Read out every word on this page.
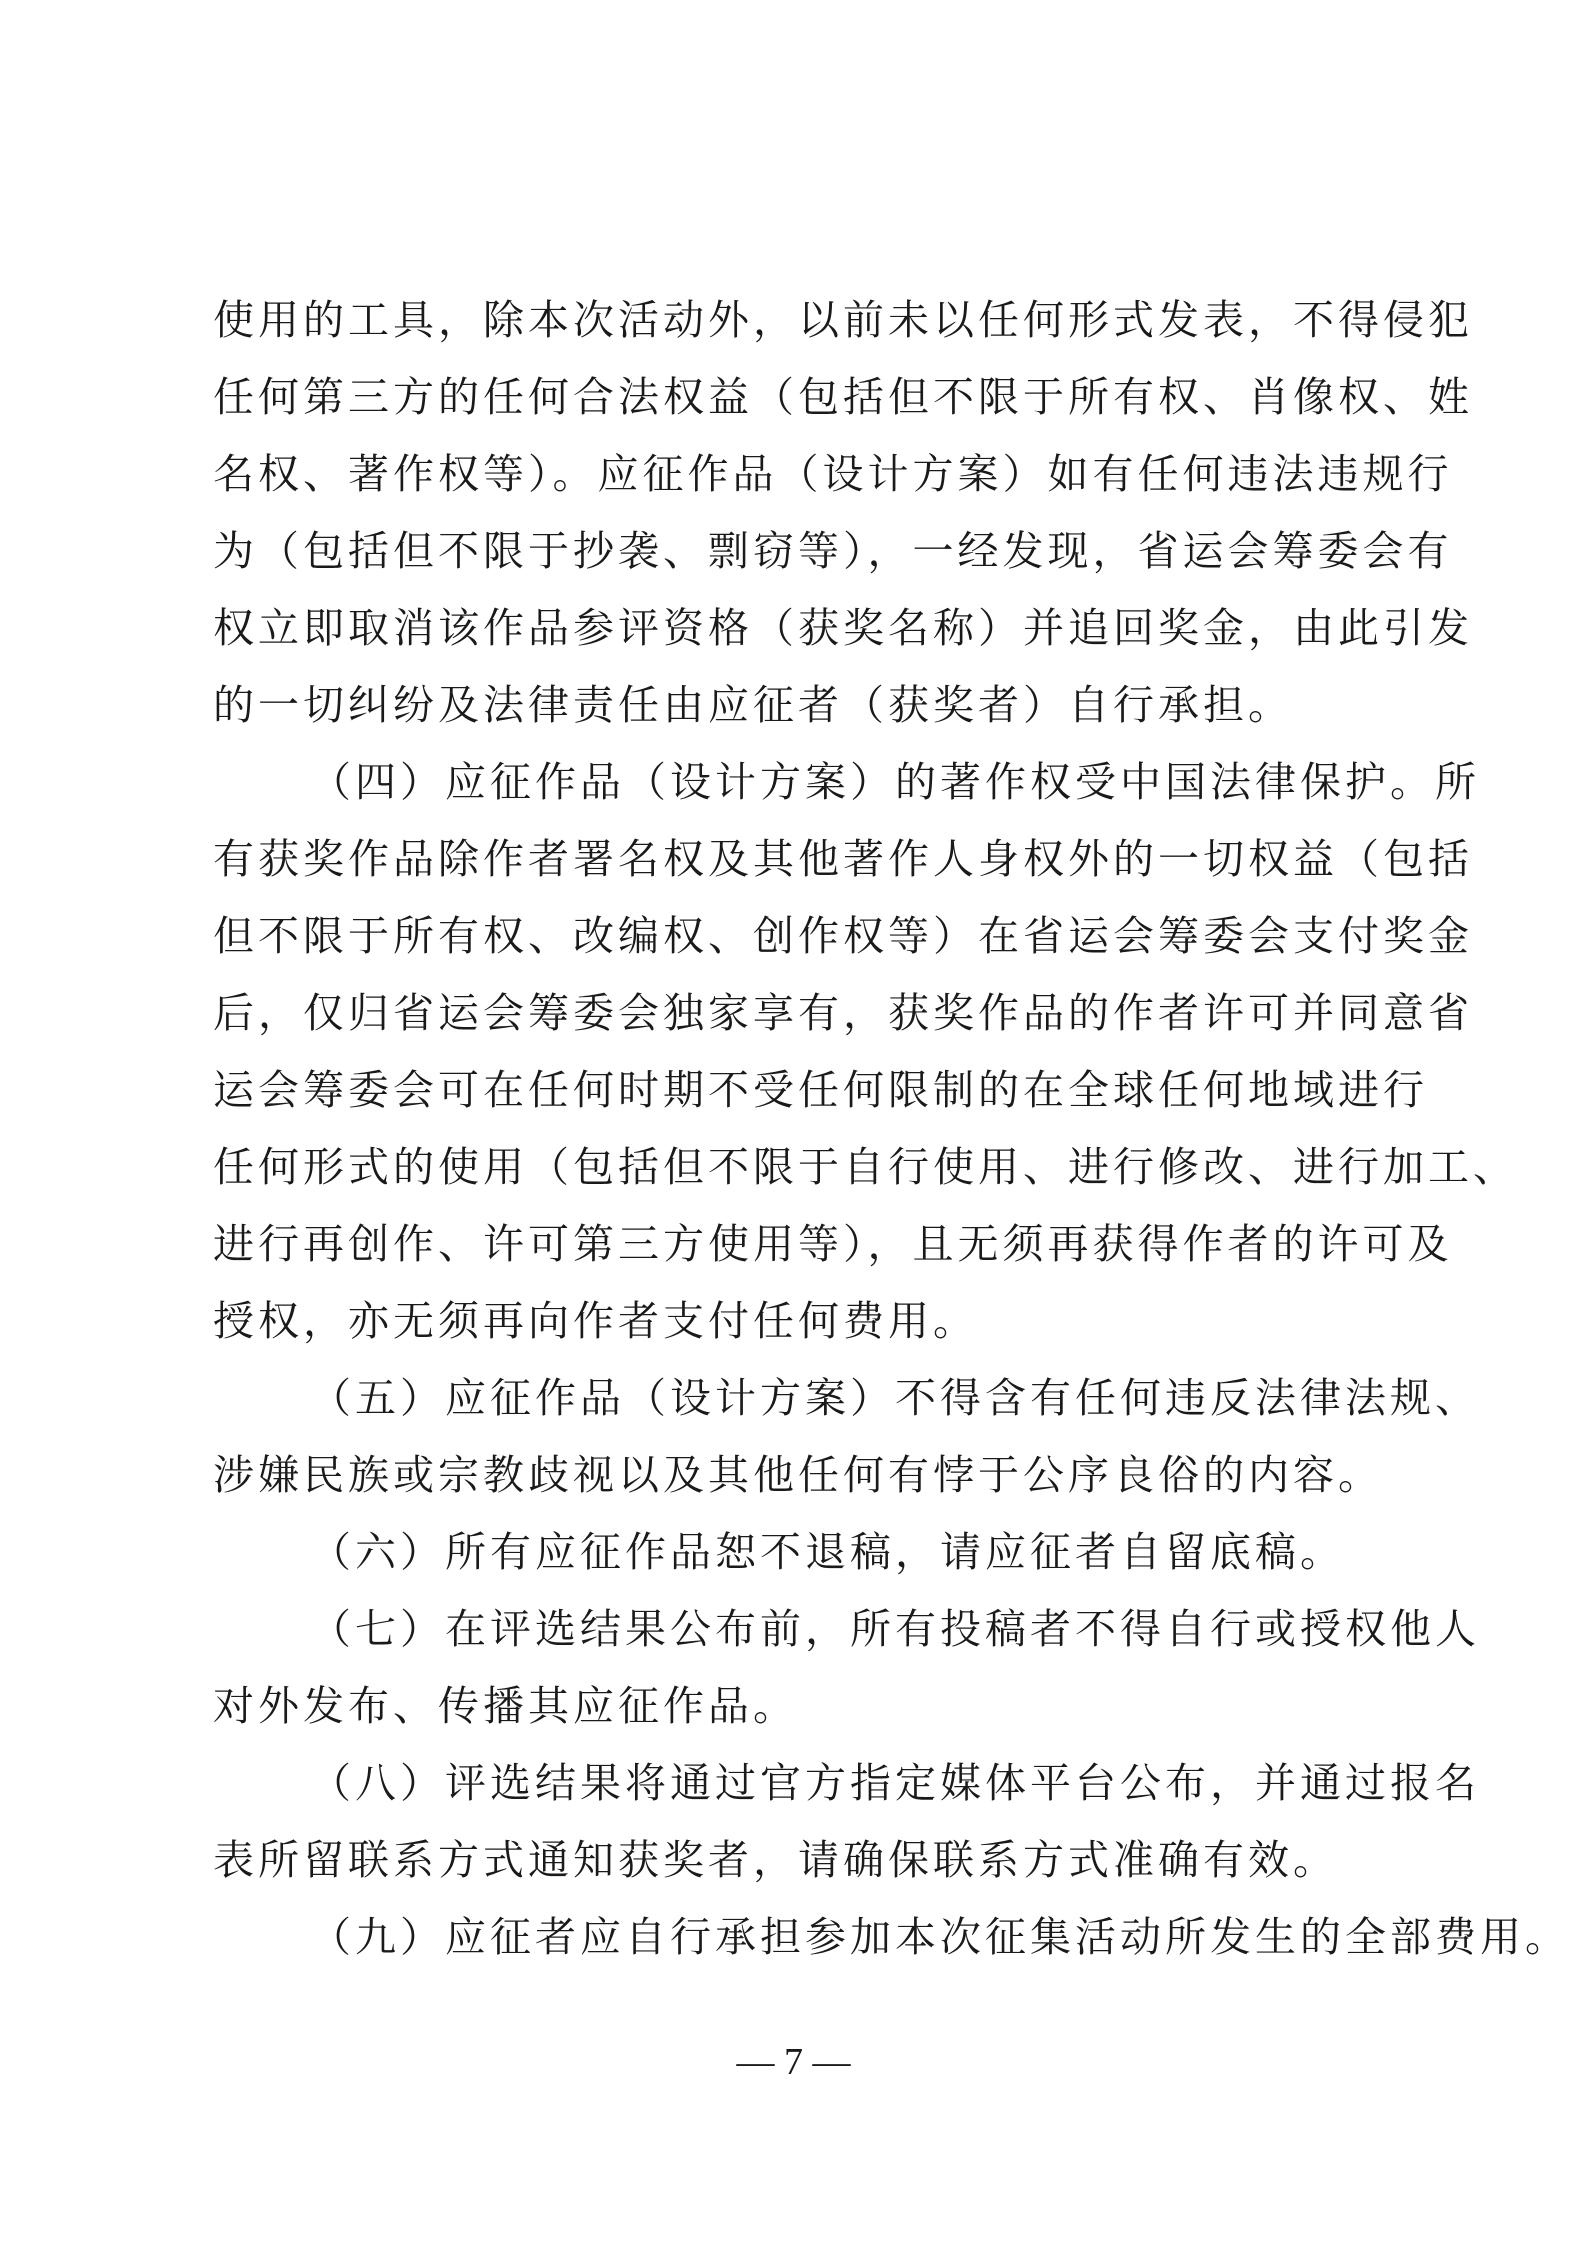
使用的工具，除本次活动外，以前未以任何形式发表，不得侵犯
任何第三方的任何合法权益（包括但不限于所有权、肖像权、姓
名权、著作权等）。应征作品（设计方案）如有任何违法违规行
为（包括但不限于抄袭、剽窃等），一经发现，省运会筹委会有
权立即取消该作品参评资格（获奖名称）并追回奖金，由此引发
的一切纠纷及法律责任由应征者（获奖者）自行承担。
（四）应征作品（设计方案）的著作权受中国法律保护。所
有获奖作品除作者署名权及其他著作人身权外的一切权益（包括
但不限于所有权、改编权、创作权等）在省运会筹委会支付奖金
后，仅归省运会筹委会独家享有，获奖作品的作者许可并同意省
运会筹委会可在任何时期不受任何限制的在全球任何地域进行
任何形式的使用（包括但不限于自行使用、进行修改、进行加工、
进行再创作、许可第三方使用等），且无须再获得作者的许可及
授权，亦无须再向作者支付任何费用。
（五）应征作品（设计方案）不得含有任何违反法律法规、
涉嫌民族或宗教歧视以及其他任何有悖于公序良俗的内容。
（六）所有应征作品恕不退稿，请应征者自留底稿。
（七）在评选结果公布前，所有投稿者不得自行或授权他人
对外发布、传播其应征作品。
（八）评选结果将通过官方指定媒体平台公布，并通过报名
表所留联系方式通知获奖者，请确保联系方式准确有效。
（九）应征者应自行承担参加本次征集活动所发生的全部费用。
— 7 —
